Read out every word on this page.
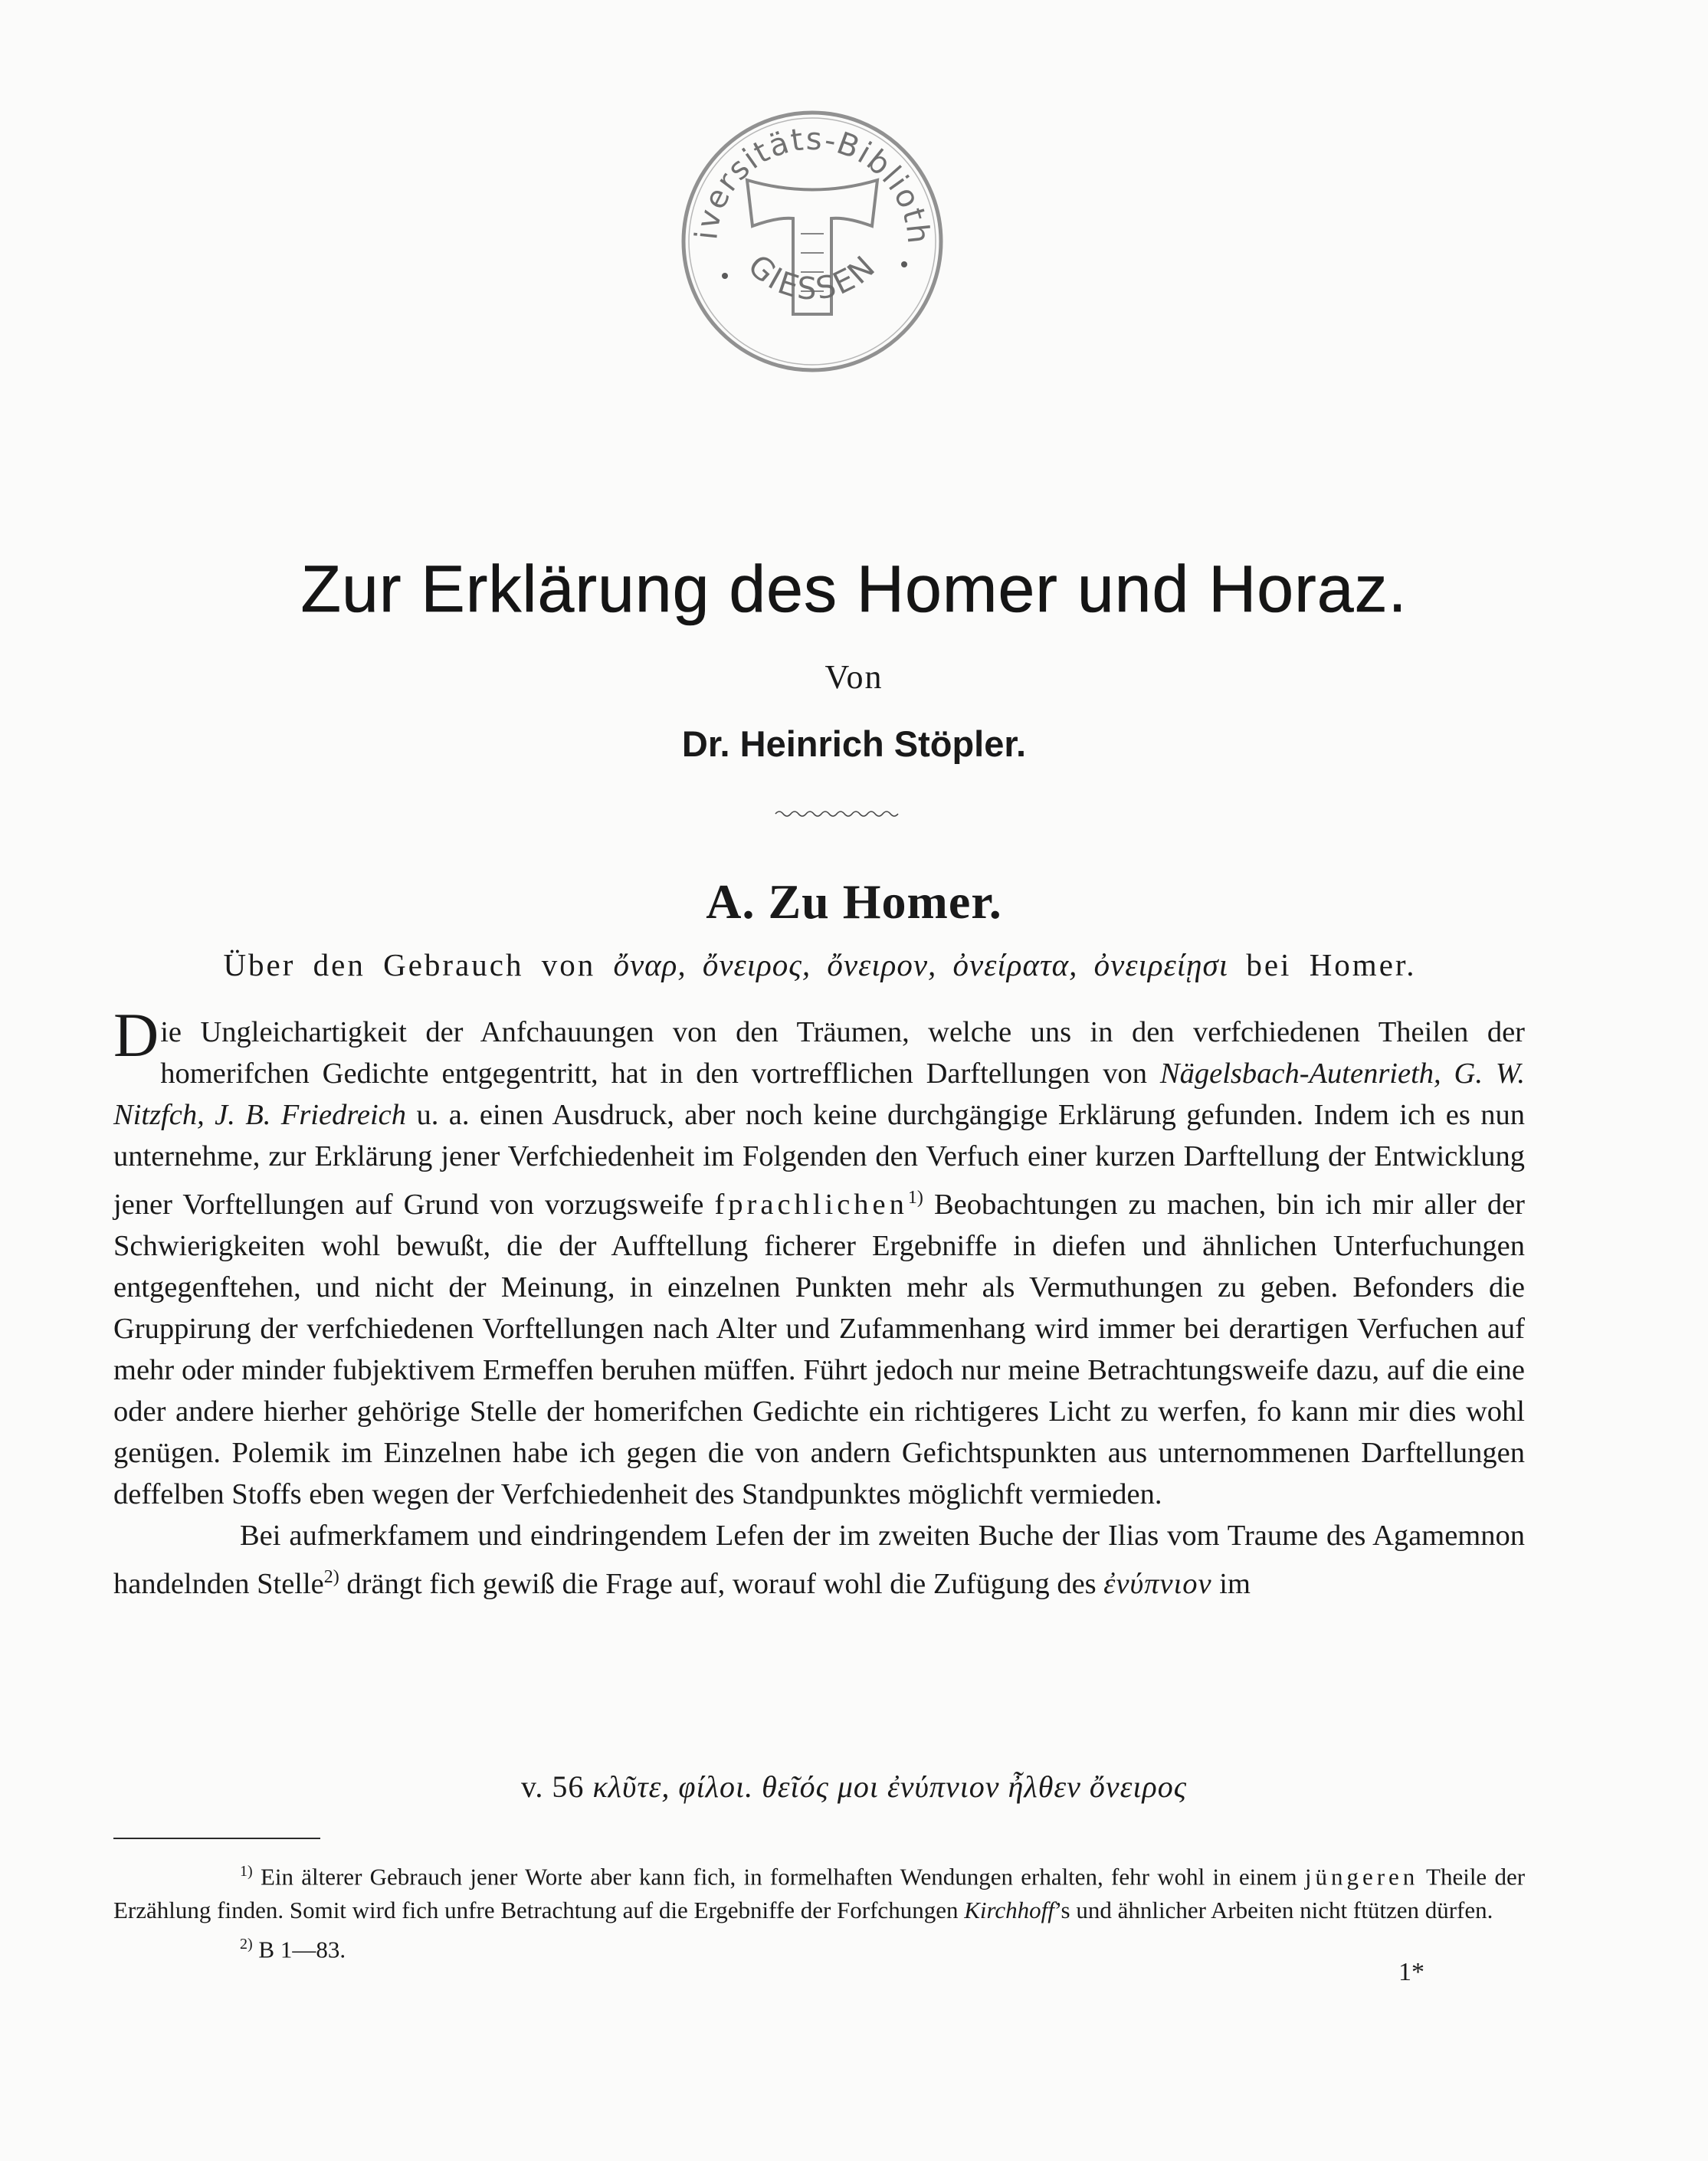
iversitäts-Biblioth
GIESSEN
Zur Erklärung des Homer und Horaz.
Von
Dr. Heinrich Stöpler.
A. Zu Homer.
Über den Gebrauch von ὄναρ, ὄνειρος, ὄνειρον, ὀνείρατα, ὀνειρείῃσι bei Homer.

Die Ungleichartigkeit der Anfchauungen von den Träumen, welche uns in den verfchiedenen Theilen der homerifchen Gedichte entgegentritt, hat in den vortrefflichen Darftellungen von Nägelsbach-Autenrieth, G. W. Nitzfch, J. B. Friedreich u. a. einen Ausdruck, aber noch keine durchgängige Erklärung gefunden. Indem ich es nun unternehme, zur Erklärung jener Verfchiedenheit im Folgenden den Verfuch einer kurzen Darftellung der Entwicklung jener Vorftellungen auf Grund von vorzugsweife fprachlichen$^{1)}$ Beobachtungen zu machen, bin ich mir aller der Schwierigkeiten wohl bewußt, die der Aufftellung ficherer Ergebniffe in diefen und ähnlichen Unterfuchungen entgegenftehen, und nicht der Meinung, in einzelnen Punkten mehr als Vermuthungen zu geben. Befonders die Gruppirung der verfchiedenen Vorftellungen nach Alter und Zufammenhang wird immer bei derartigen Verfuchen auf mehr oder minder fubjektivem Ermeffen beruhen müffen. Führt jedoch nur meine Betrachtungsweife dazu, auf die eine oder andere hierher gehörige Stelle der homerifchen Gedichte ein richtigeres Licht zu werfen, fo kann mir dies wohl genügen. Polemik im Einzelnen habe ich gegen die von andern Gefichtspunkten aus unternommenen Darftellungen deffelben Stoffs eben wegen der Verfchiedenheit des Standpunktes möglichft vermieden.

Bei aufmerkfamem und eindringendem Lefen der im zweiten Buche der Ilias vom Traume des Agamemnon handelnden Stelle$^{2)}$ drängt fich gewiß die Frage auf, worauf wohl die Zufügung des ἐνύπνιον im

v. 56 κλῦτε, φίλοι. θεῖός μοι ἐνύπνιον ἦλθεν ὄνειρος

$^{1)}$ Ein älterer Gebrauch jener Worte aber kann fich, in formelhaften Wendungen erhalten, fehr wohl in einem jüngeren Theile der Erzählung finden. Somit wird fich unfre Betrachtung auf die Ergebniffe der Forfchungen Kirchhoff’s und ähnlicher Arbeiten nicht ftützen dürfen.

$^{2)}$ B 1—83.

1*
